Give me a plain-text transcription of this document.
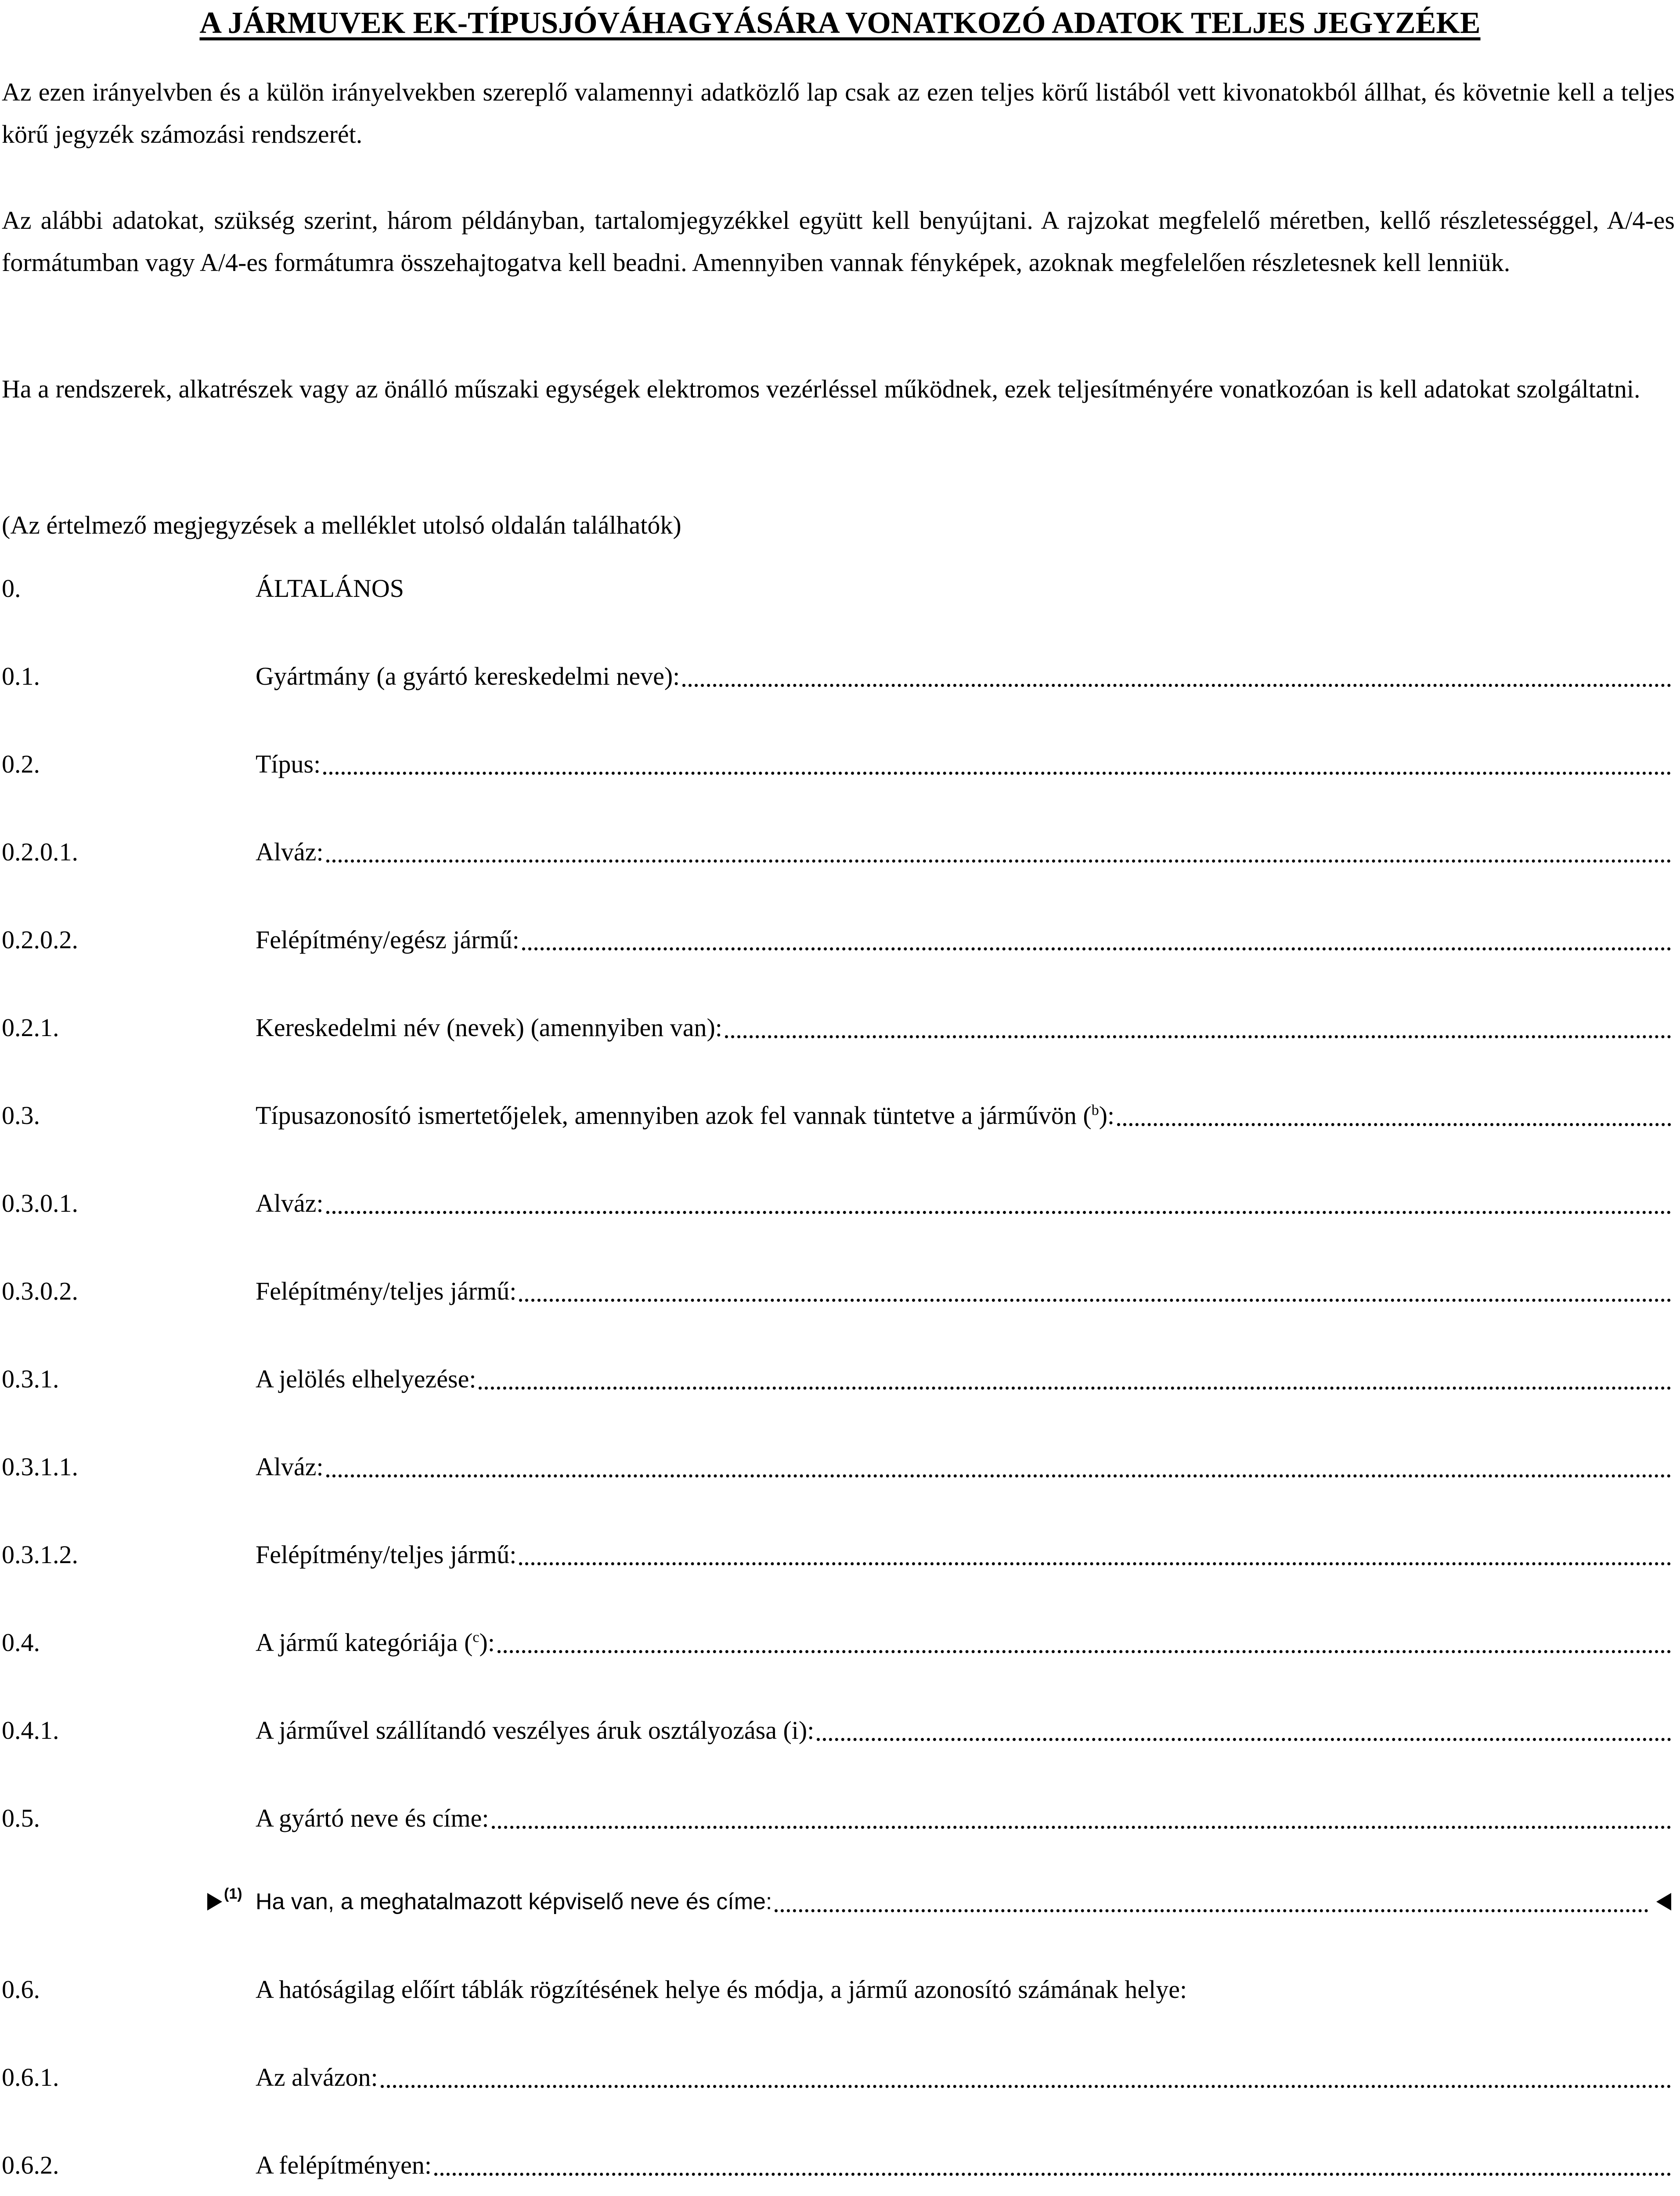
A JÁRMUVEK EK-TÍPUSJÓVÁHAGYÁSÁRA VONATKOZÓ ADATOK TELJES JEGYZÉKE
Az ezen irányelvben és a külön irányelvekben szereplő valamennyi adatközlő lap csak az ezen teljes körű listából vett kivonatokból állhat, és követnie kell a teljes körű jegyzék számozási rendszerét.
Az alábbi adatokat, szükség szerint, három példányban, tartalomjegyzékkel együtt kell benyújtani. A rajzokat megfelelő méretben, kellő részletességgel, A/4-es formátumban vagy A/4-es formátumra összehajtogatva kell beadni. Amennyiben vannak fényképek, azoknak megfelelően részletesnek kell lenniük.
Ha a rendszerek, alkatrészek vagy az önálló műszaki egységek elektromos vezérléssel működnek, ezek teljesítményére vonatkozóan is kell adatokat szolgáltatni.
(Az értelmező megjegyzések a melléklet utolsó oldalán találhatók)
0.	ÁLTALÁNOS
0.1.	Gyártmány (a gyártó kereskedelmi neve):
0.2.	Típus:
0.2.0.1.	Alváz:
0.2.0.2.	Felépítmény/egész jármű:
0.2.1.	Kereskedelmi név (nevek) (amennyiben van):
0.3.	Típusazonosító ismertetőjelek, amennyiben azok fel vannak tüntetve a járművön ($^b$):
0.3.0.1.	Alváz:
0.3.0.2.	Felépítmény/teljes jármű:
0.3.1.	A jelölés elhelyezése:
0.3.1.1.	Alváz:
0.3.1.2.	Felépítmény/teljes jármű:
0.4.	A jármű kategóriája ($^c$):
0.4.1.	A járművel szállítandó veszélyes áruk osztályozása (i):
0.5.	A gyártó neve és címe:
(1) Ha van, a meghatalmazott képviselő neve és címe:
0.6.	A hatóságilag előírt táblák rögzítésének helye és módja, a jármű azonosító számának helye:
0.6.1.	Az alvázon:
0.6.2.	A felépítményen:
